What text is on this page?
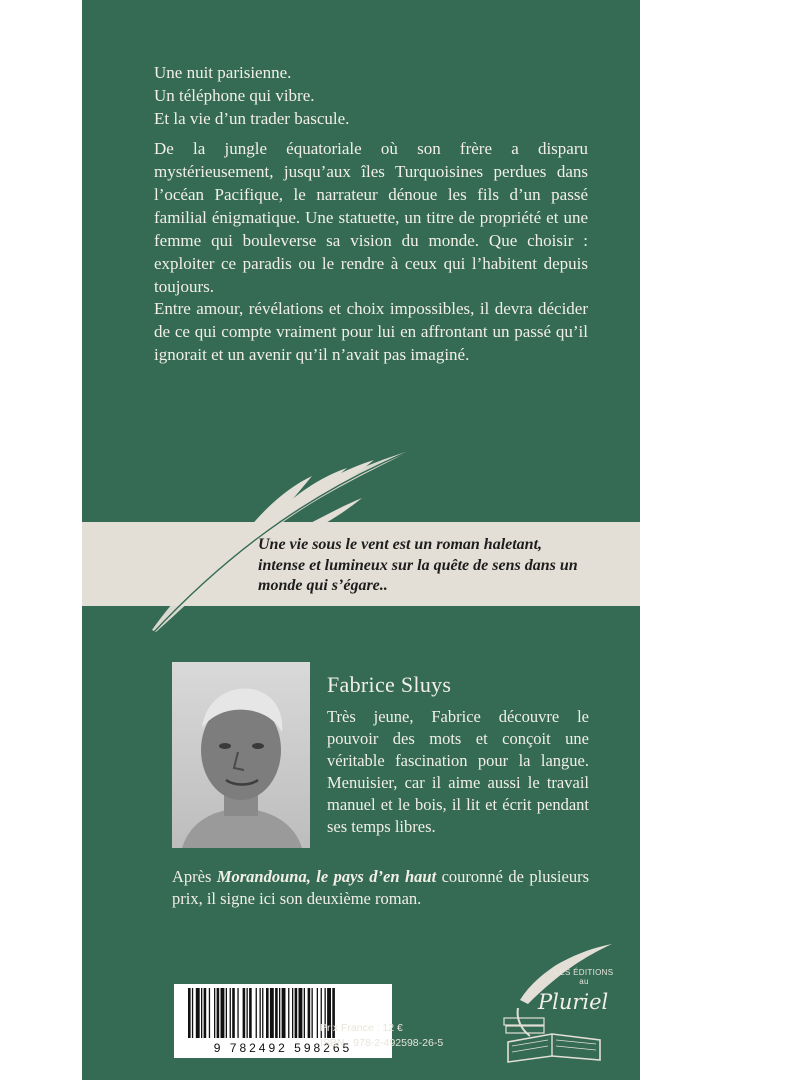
Une nuit parisienne.
Un téléphone qui vibre.
Et la vie d’un trader bascule.

De la jungle équatoriale où son frère a disparu mystérieusement, jusqu’aux îles Turquoisines perdues dans l’océan Pacifique, le narrateur dénoue les fils d’un passé familial énigmatique. Une statuette, un titre de propriété et une femme qui bouleverse sa vision du monde. Que choisir : exploiter ce paradis ou le rendre à ceux qui l’habitent depuis toujours.

Entre amour, révélations et choix impossibles, il devra décider de ce qui compte vraiment pour lui en affrontant un passé qu’il ignorait et un avenir qu’il n’avait pas imaginé.

Une vie sous le vent est un roman haletant, intense et lumineux sur la quête de sens dans un monde qui s’égare..
Fabrice Sluys

Très jeune, Fabrice découvre le pouvoir des mots et conçoit une véritable fascination pour la langue. Menuisier, car il aime aussi le travail manuel et le bois, il lit et écrit pendant ses temps libres.

Après Morandouna, le pays d’en haut couronné de plusieurs prix, il signe ici son deuxième roman.

9 782492 598265
Prix France : 12 €
ISBN : 978-2-492598-26-5
LES ÉDITIONS
au
Pluriel
